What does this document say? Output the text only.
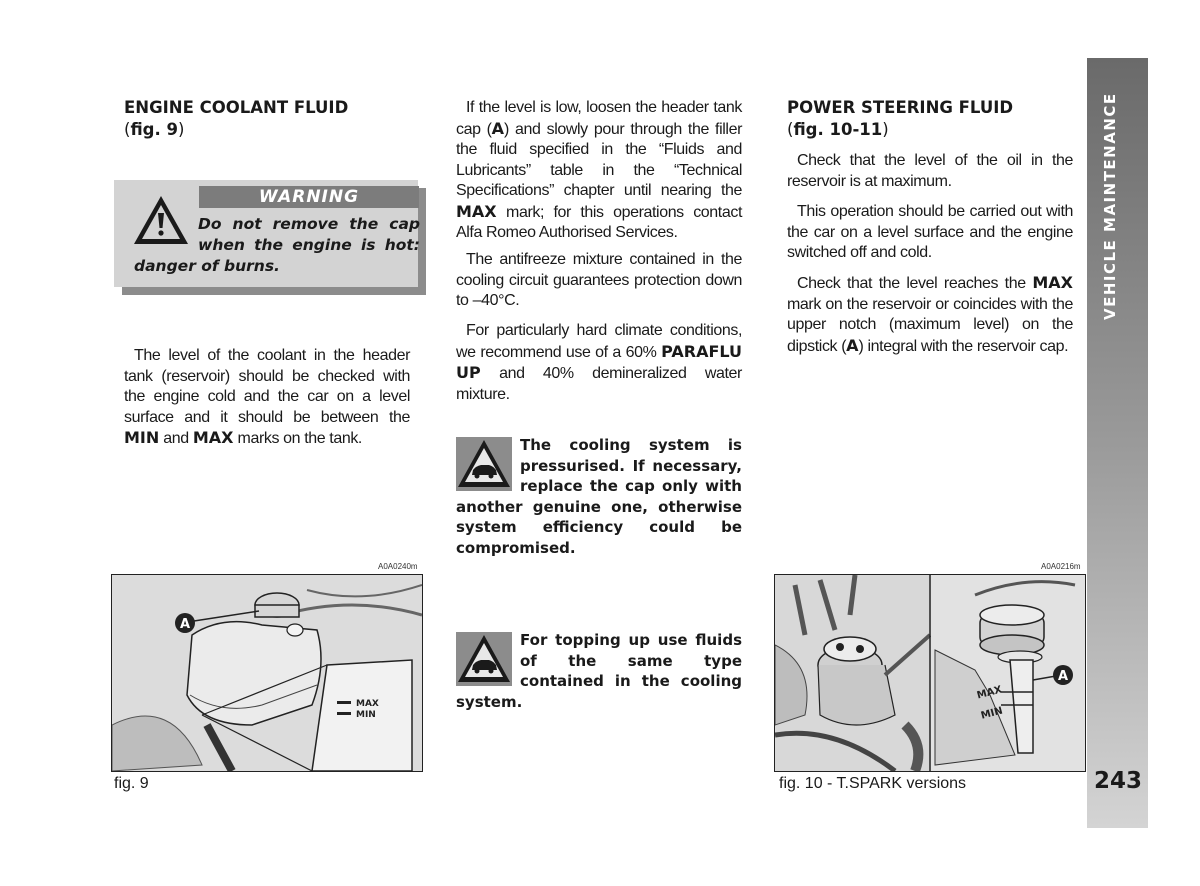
VEHICLE MAINTENANCE
243
ENGINE COOLANT FLUID
(fig. 9)
WARNING
Do not remove the cap
when the engine is hot:
danger of burns.
The level of the coolant in the header tank (reservoir) should be checked with the engine cold and the car on a level surface and it should be between the MIN and MAX marks on the tank.
A0A0240m
MAX
MIN
A
fig. 9
If the level is low, loosen the header tank cap (A) and slowly pour through the filler the fluid specified in the “Fluids and Lubricants” table in the “Technical Specifications” chapter until nearing the MAX mark; for this operations contact Alfa Romeo Authorised Services.
The antifreeze mixture contained in the cooling circuit guarantees protection down to –40°C.
For particularly hard climate conditions, we recommend use of a 60% PARAFLU UP and 40% demineralized water mixture.
The cooling system is pressurised. If necessary, replace the cap only with another genuine one, otherwise system efficiency could be compromised.
For topping up use fluids of the same type contained in the cooling system.
POWER STEERING FLUID
(fig. 10-11)
Check that the level of the oil in the reservoir is at maximum.
This operation should be carried out with the car on a level surface and the engine switched off and cold.
Check that the level reaches the MAX mark on the reservoir or coincides with the upper notch (maximum level) on the dipstick (A) integral with the reservoir cap.
A0A0216m
MAX
MIN
A
fig. 10 - T.SPARK versions
